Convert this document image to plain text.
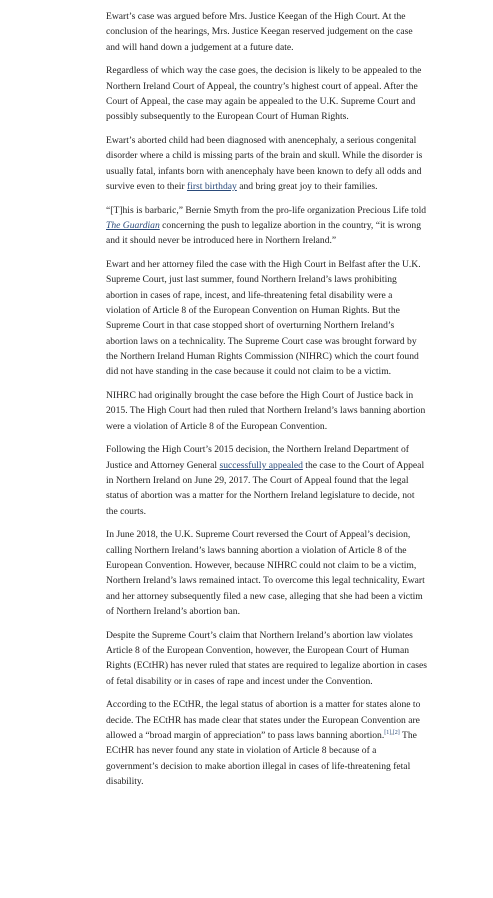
Ewart’s case was argued before Mrs. Justice Keegan of the High Court. At the conclusion of the hearings, Mrs. Justice Keegan reserved judgement on the case and will hand down a judgement at a future date.

Regardless of which way the case goes, the decision is likely to be appealed to the Northern Ireland Court of Appeal, the country’s highest court of appeal. After the Court of Appeal, the case may again be appealed to the U.K. Supreme Court and possibly subsequently to the European Court of Human Rights.

Ewart’s aborted child had been diagnosed with anencephaly, a serious congenital disorder where a child is missing parts of the brain and skull. While the disorder is usually fatal, infants born with anencephaly have been known to defy all odds and survive even to their first birthday and bring great joy to their families.

“[T]his is barbaric,” Bernie Smyth from the pro-life organization Precious Life told The Guardian concerning the push to legalize abortion in the country, “it is wrong and it should never be introduced here in Northern Ireland.”

Ewart and her attorney filed the case with the High Court in Belfast after the U.K. Supreme Court, just last summer, found Northern Ireland’s laws prohibiting abortion in cases of rape, incest, and life-threatening fetal disability were a violation of Article 8 of the European Convention on Human Rights. But the Supreme Court in that case stopped short of overturning Northern Ireland’s abortion laws on a technicality. The Supreme Court case was brought forward by the Northern Ireland Human Rights Commission (NIHRC) which the court found did not have standing in the case because it could not claim to be a victim.

NIHRC had originally brought the case before the High Court of Justice back in 2015. The High Court had then ruled that Northern Ireland’s laws banning abortion were a violation of Article 8 of the European Convention.

Following the High Court’s 2015 decision, the Northern Ireland Department of Justice and Attorney General successfully appealed the case to the Court of Appeal in Northern Ireland on June 29, 2017. The Court of Appeal found that the legal status of abortion was a matter for the Northern Ireland legislature to decide, not the courts.

In June 2018, the U.K. Supreme Court reversed the Court of Appeal’s decision, calling Northern Ireland’s laws banning abortion a violation of Article 8 of the European Convention. However, because NIHRC could not claim to be a victim, Northern Ireland’s laws remained intact. To overcome this legal technicality, Ewart and her attorney subsequently filed a new case, alleging that she had been a victim of Northern Ireland’s abortion ban.

Despite the Supreme Court’s claim that Northern Ireland’s abortion law violates Article 8 of the European Convention, however, the European Court of Human Rights (ECtHR) has never ruled that states are required to legalize abortion in cases of fetal disability or in cases of rape and incest under the Convention.

According to the ECtHR, the legal status of abortion is a matter for states alone to decide. The ECtHR has made clear that states under the European Convention are allowed a “broad margin of appreciation” to pass laws banning abortion.[1],[2] The ECtHR has never found any state in violation of Article 8 because of a government’s decision to make abortion illegal in cases of life-threatening fetal disability.
